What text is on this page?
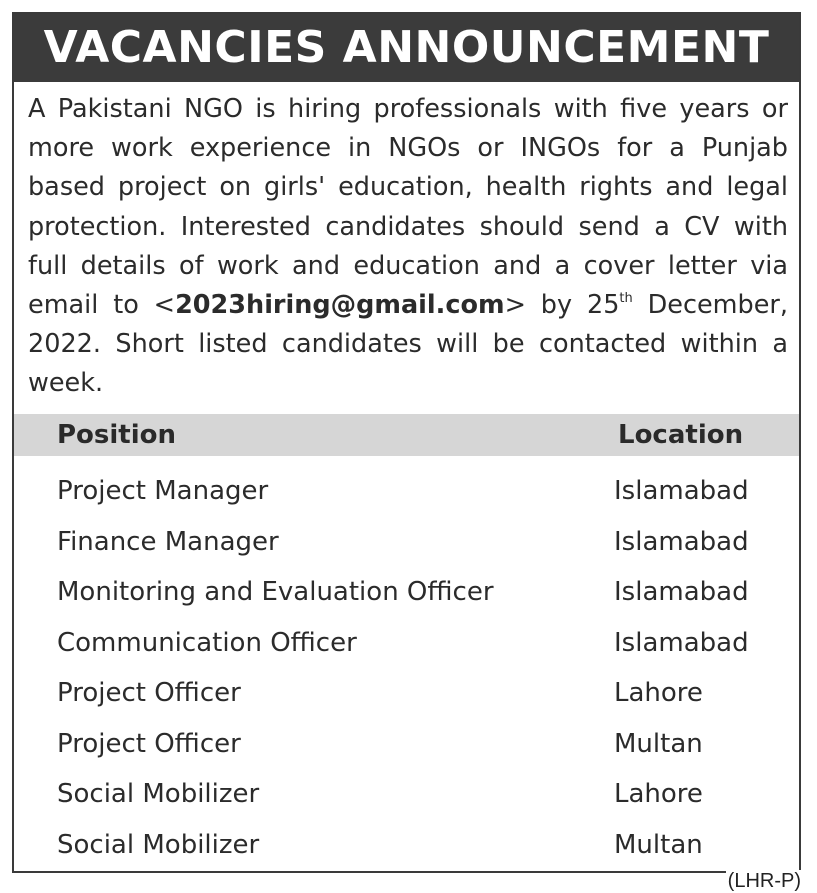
VACANCIES ANNOUNCEMENT
A Pakistani NGO is hiring professionals with five years or more work experience in NGOs or INGOs for a Punjab based project on girls' education, health rights and legal protection. Interested candidates should send a CV with full details of work and education and a cover letter via email to <2023hiring@gmail.com> by 25th December, 2022. Short listed candidates will be contacted within a week.
Position	Location
Project Manager	Islamabad
Finance Manager	Islamabad
Monitoring and Evaluation Officer	Islamabad
Communication Officer	Islamabad
Project Officer	Lahore
Project Officer	Multan
Social Mobilizer	Lahore
Social Mobilizer	Multan
(LHR-P)
